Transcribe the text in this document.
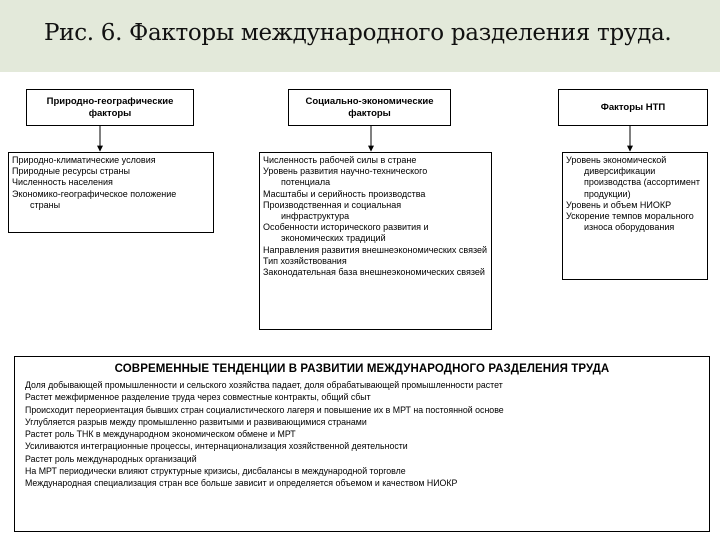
Рис. 6. Факторы международного разделения труда.
Природно-географические факторы
Социально-экономические факторы
Факторы НТП
Природно-климатические условия
Природные ресурсы страны
Численность населения
Экономико-географическое положение страны
Численность рабочей силы в стране
Уровень развития научно-технического потенциала
Масштабы и серийность производства
Производственная и социальная инфраструктура
Особенности исторического развития и экономических традиций
Направления развития внешнеэкономических связей
Тип хозяйствования
Законодательная база внешнеэкономических связей
Уровень экономической диверсификации производства (ассортимент продукции)
Уровень и объем НИОКР
Ускорение темпов морального износа оборудования
СОВРЕМЕННЫЕ ТЕНДЕНЦИИ В РАЗВИТИИ МЕЖДУНАРОДНОГО РАЗДЕЛЕНИЯ ТРУДА
Доля добывающей промышленности и сельского хозяйства падает, доля обрабатывающей промышленности растет
Растет межфирменное разделение труда через совместные контракты, общий сбыт
Происходит переориентация бывших стран социалистического лагеря и повышение их в МРТ на постоянной основе
Углубляется разрыв между промышленно развитыми и развивающимися странами
Растет роль ТНК в международном экономическом обмене и МРТ
Усиливаются интеграционные процессы, интернационализация хозяйственной деятельности
Растет роль международных организаций
На МРТ периодически влияют структурные кризисы, дисбалансы в международной торговле
Международная специализация стран все больше зависит и определяется объемом и качеством НИОКР
